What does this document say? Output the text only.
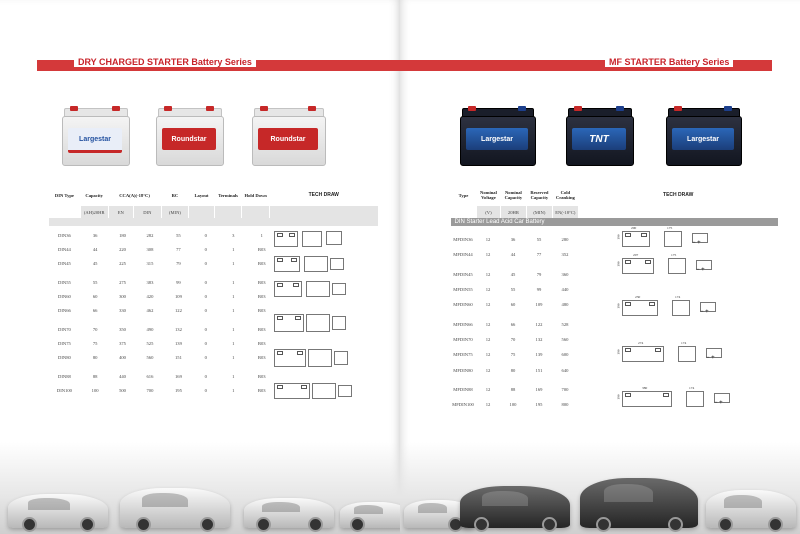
DRY CHARGED STARTER Battery Series
Largestar	Roundstar	Roundstar
DIN Type	Capacity	CCA(A)(-18°C)		RC	Layout	Terminals	Hold Down	TECH DRAW
	(AH)20HR	EN	DIN	(MIN)				

DIN36	36	180	282	55	0	3	1
DIN44	44	220	308	77	0	1	B03
DIN45	45	225	315	79	0	1	B03

DIN55	55	275	383	99	0	1	B03
DIN60	60	300	420	109	0	1	B03
DIN66	66	330	462	122	0	1	B03

DIN70	70	350	490	132	0	1	B03
DIN75	75	375	525	139	0	1	B03
DIN80	80	400	560	151	0	1	B03

DIN88	88	440	616	169	0	1	B03
DIN100	100	500	700	195	0	1	B03
MF STARTER Battery Series
Largestar	TNT	Largestar
Type	Nominal Voltage	Nominal Capacity	Reserved Capacity	Cold Cranking	TECH DRAW
	(V)	20HR	(MIN)	EN(-18°C)	
DIN Starter Lead Acid Car Battery					
MFDIN36	12	36	55	280
MFDIN44	12	44	77	352

MFDIN45	12	45	79	360
MFDIN55	12	55	99	440
MFDIN60	12	60	109	480

MFDIN66	12	66	122	528
MFDIN70	12	70	132	560
MFDIN75	12	75	139	600
MFDIN80	12	80	151	640

MFDIN88	12	88	169	700
MFDIN100	12	100	195	800
200
190
175
− +
207
190
175
− +
230
190
174
− +
274
190
174
− +
380
190
174
− +
